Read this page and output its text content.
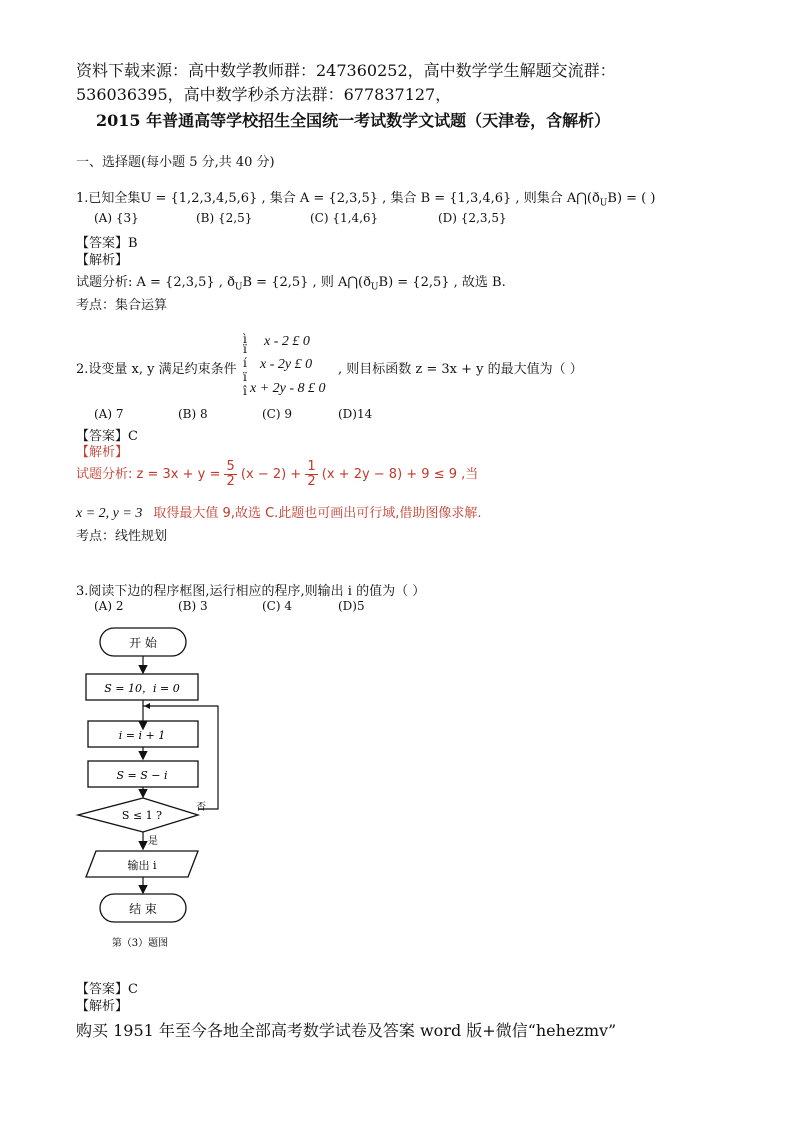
资料下载来源：高中数学教师群：247360252，高中数学学生解题交流群：
536036395，高中数学秒杀方法群：677837127，
2015 年普通高等学校招生全国统一考试数学文试题（天津卷，含解析）
一、选择题(每小题 5 分,共 40 分)
1.已知全集U = {1,2,3,4,5,6} , 集合 A = {2,3,5} , 集合 B = {1,3,4,6} , 则集合 $A⋂(ð_UB)$ = ( )
(A) {3}	(B) {2,5}	(C) {1,4,6}	(D) {2,3,5}
【答案】B
【解析】
试题分析: A = {2,3,5} , $ð_UB = \{2,5\}$ , 则 $A⋂(ð_UB) = \{2,5\}$ , 故选 B.
考点：集合运算
ì
ï
í
ï
î
x - 2 £ 0
x - 2y £ 0
x + 2y - 8 £ 0
2.设变量 x, y 满足约束条件	, 则目标函数 z = 3x + y 的最大值为（ ）
(A) 7	(B) 8	(C) 9	(D)14
【答案】C
【解析】
试题分析: $z = 3x + y = \frac{5}{2} (x - 2) + \frac{1}{2} (x + 2y - 8) + 9 \le 9$ ,当
x = 2, y = 3 取得最大值 9,故选 C.此题也可画出可行域,借助图像求解.
考点：线性规划
3.阅读下边的程序框图,运行相应的程序,则输出 i 的值为（ ）
(A) 2	(B) 3	(C) 4	(D)5
开 始
S = 10，i = 0
i = i + 1
S = S − i
S ≤ 1 ?
否
是
输出 i
结 束
第（3）题图
【答案】C
【解析】
购买 1951 年至今各地全部高考数学试卷及答案 word 版+微信“hehezmv”
